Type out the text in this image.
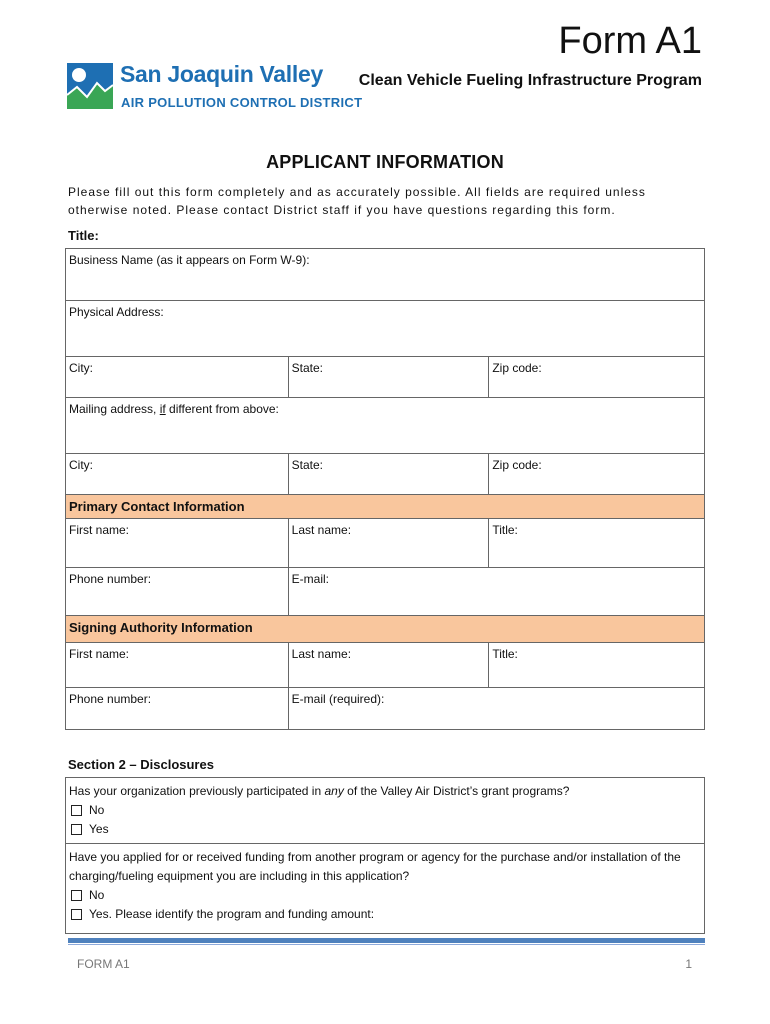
Form A1
San Joaquin Valley
AIR POLLUTION CONTROL DISTRICT
Clean Vehicle Fueling Infrastructure Program
APPLICANT INFORMATION
Please fill out this form completely and as accurately possible. All fields are required unless otherwise noted. Please contact District staff if you have questions regarding this form.
Title:
Business Name (as it appears on Form W-9):		
Physical Address:		
City:	State:	Zip code:
Mailing address, if different from above:		
City:	State:	Zip code:
Primary Contact Information		
First name:	Last name:	Title:
Phone number:	E-mail:	
Signing Authority Information		
First name:	Last name:	Title:
Phone number:	E-mail (required):	
Section 2 – Disclosures
Has your organization previously participated in any of the Valley Air District’s grant programs?
No
Yes

Have you applied for or received funding from another program or agency for the purchase and/or installation of the charging/fueling equipment you are including in this application?
No
Yes. Please identify the program and funding amount:
FORM A1	1
